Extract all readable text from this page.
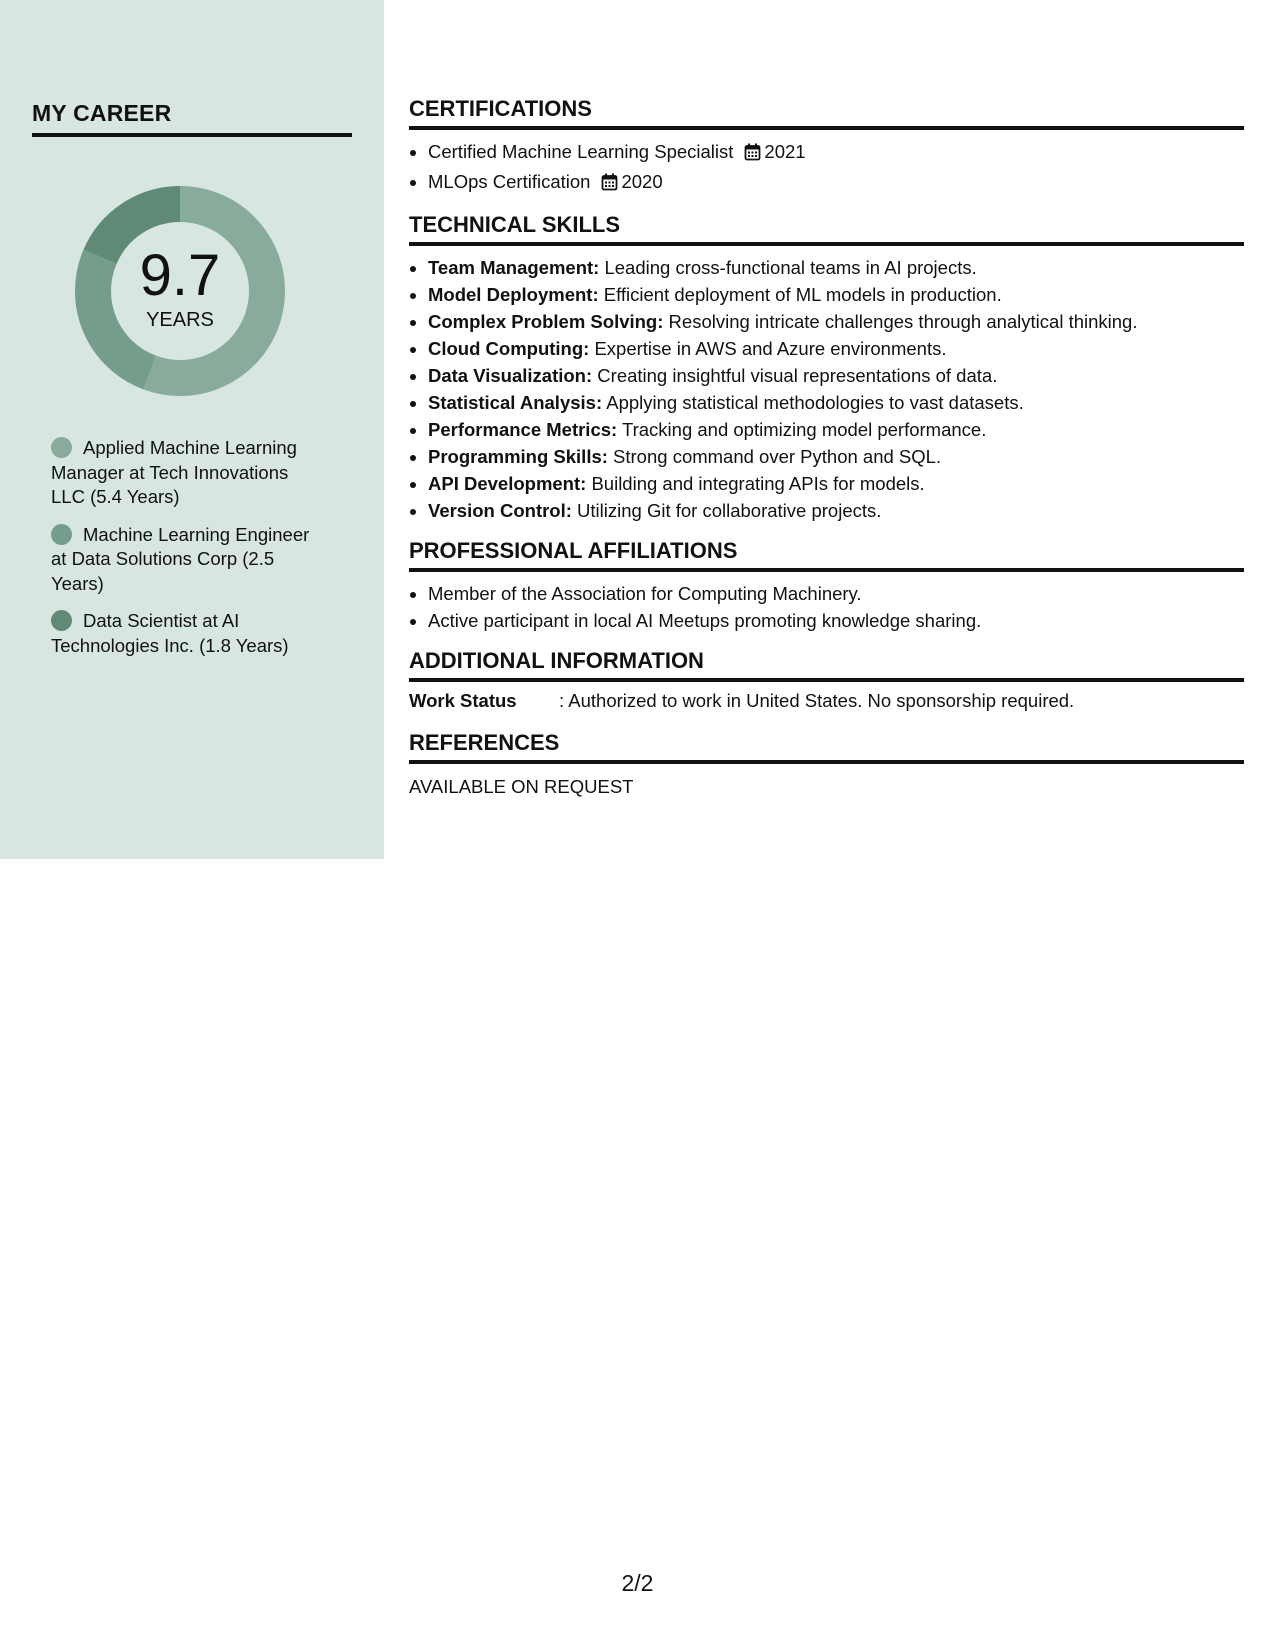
MY CAREER
9.7
YEARS
Applied Machine Learning Manager at Tech Innovations LLC (5.4 Years)
Machine Learning Engineer at Data Solutions Corp (2.5 Years)
Data Scientist at AI Technologies Inc. (1.8 Years)
CERTIFICATIONS
• Certified Machine Learning Specialist 2021
• MLOps Certification 2020
TECHNICAL SKILLS
• Team Management: Leading cross-functional teams in AI projects.
• Model Deployment: Efficient deployment of ML models in production.
• Complex Problem Solving: Resolving intricate challenges through analytical thinking.
• Cloud Computing: Expertise in AWS and Azure environments.
• Data Visualization: Creating insightful visual representations of data.
• Statistical Analysis: Applying statistical methodologies to vast datasets.
• Performance Metrics: Tracking and optimizing model performance.
• Programming Skills: Strong command over Python and SQL.
• API Development: Building and integrating APIs for models.
• Version Control: Utilizing Git for collaborative projects.
PROFESSIONAL AFFILIATIONS
• Member of the Association for Computing Machinery.
• Active participant in local AI Meetups promoting knowledge sharing.
ADDITIONAL INFORMATION
Work Status : Authorized to work in United States. No sponsorship required.
REFERENCES
AVAILABLE ON REQUEST
2/2
